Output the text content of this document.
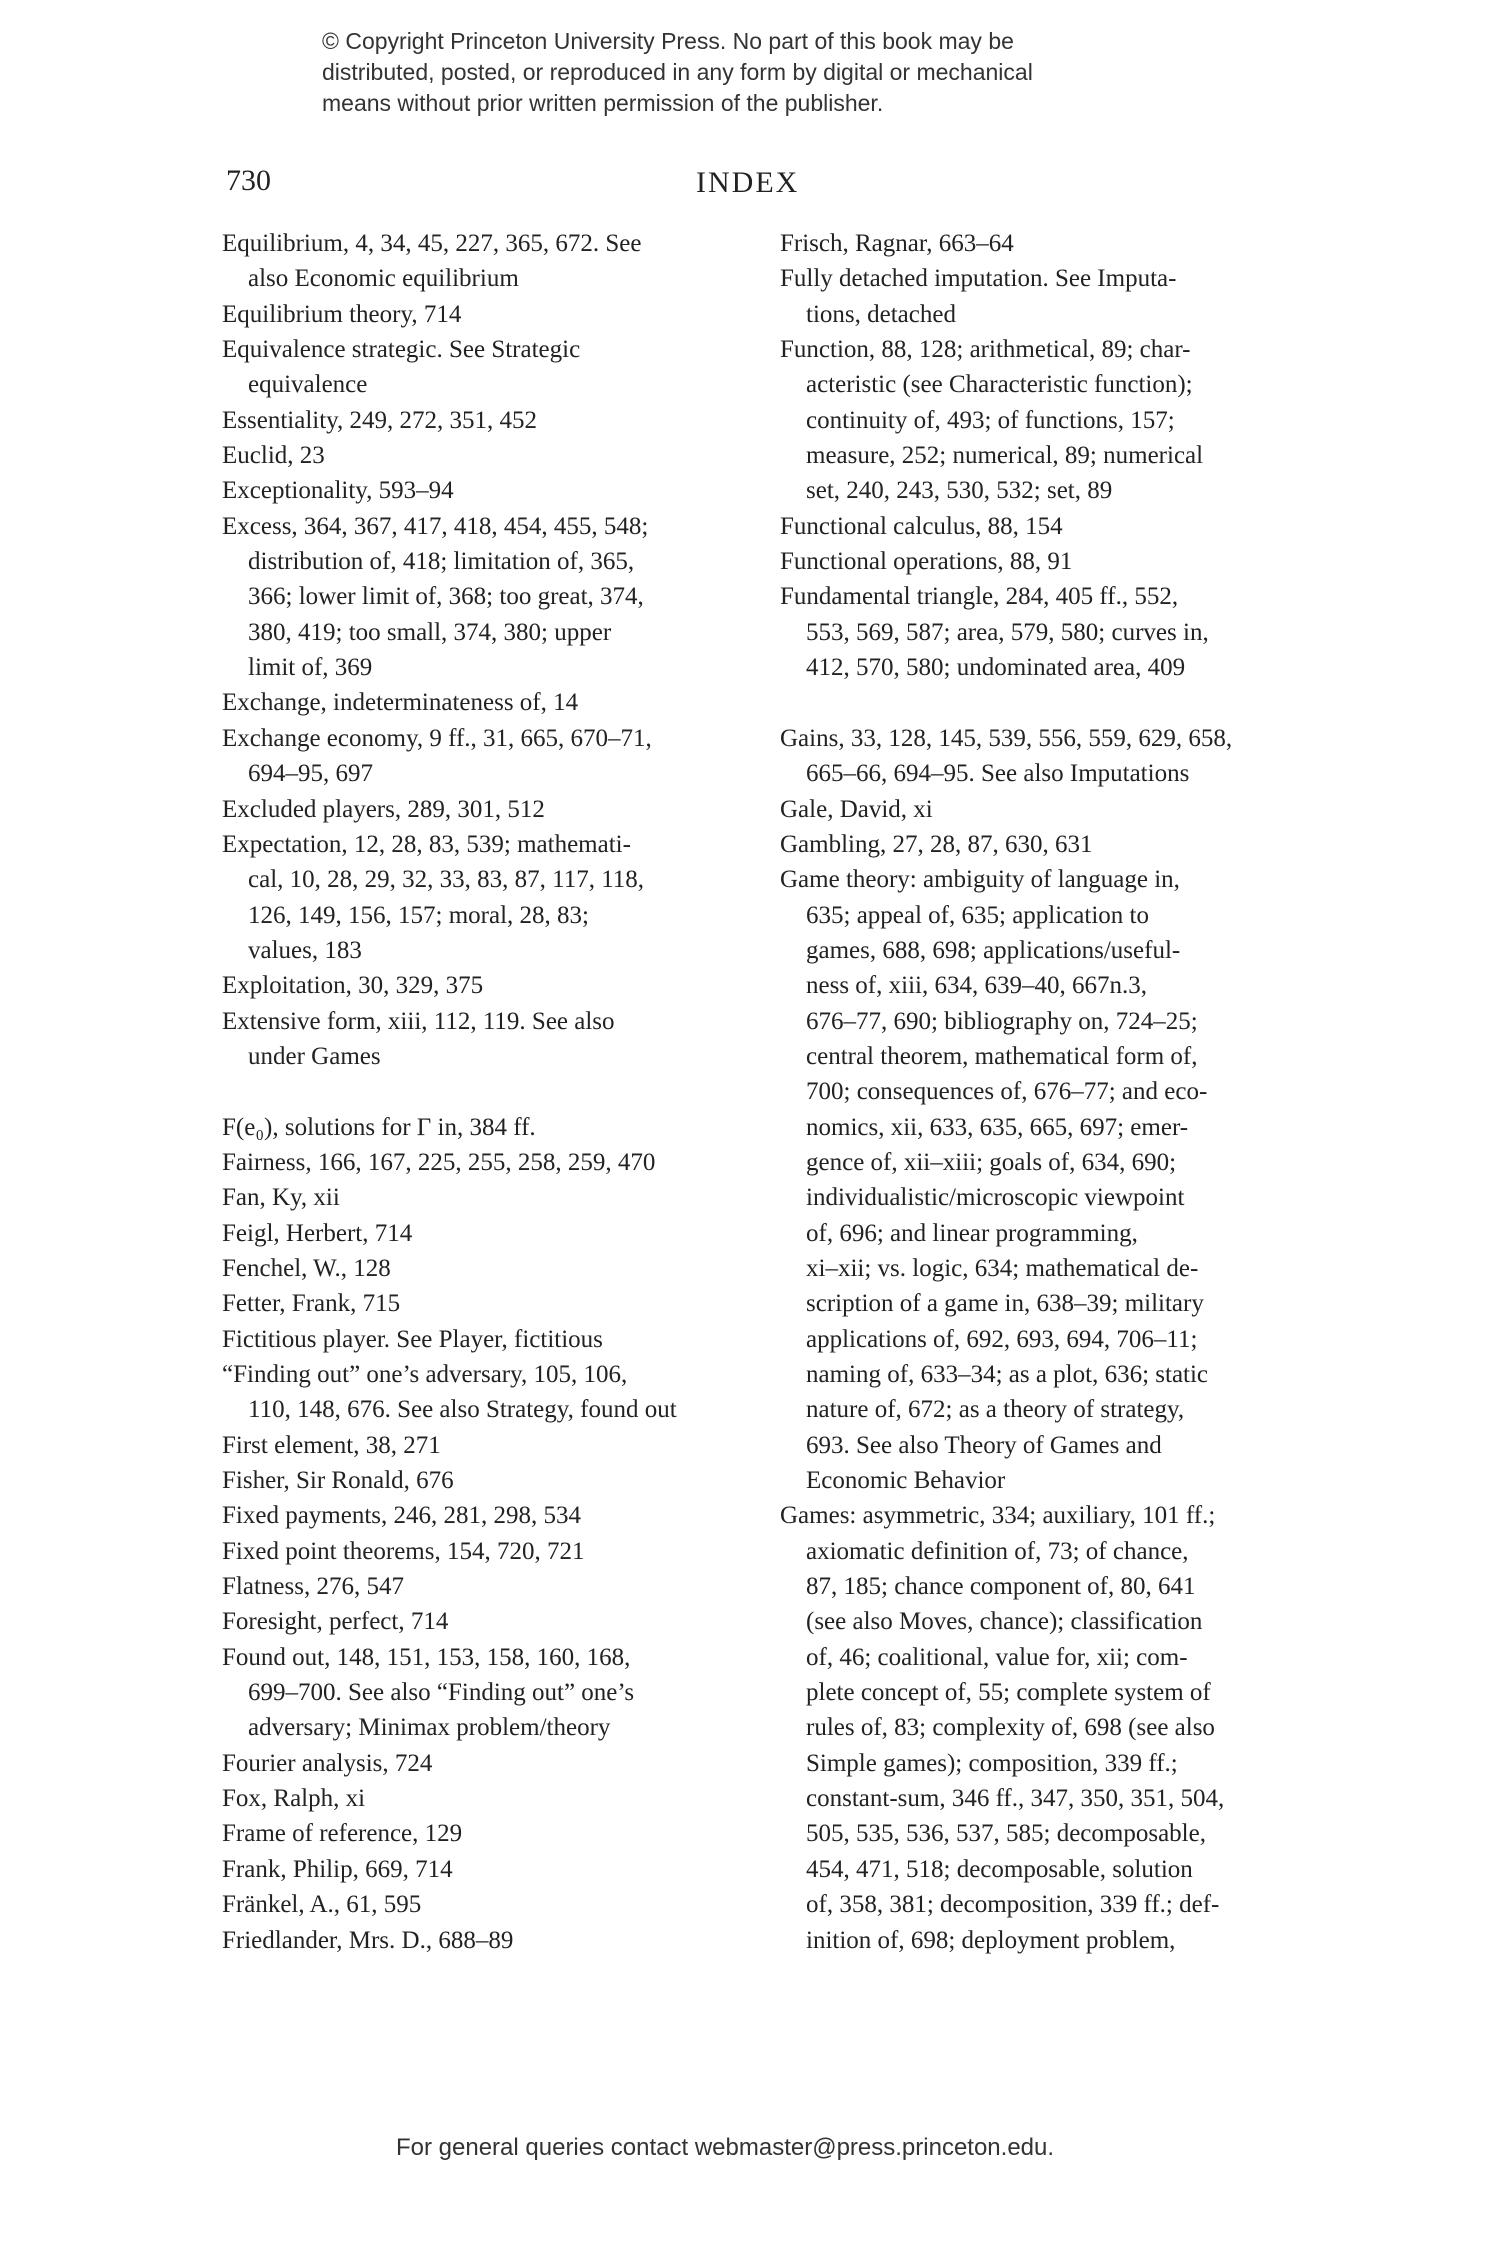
© Copyright Princeton University Press. No part of this book may be
distributed, posted, or reproduced in any form by digital or mechanical
means without prior written permission of the publisher.
730	INDEX
Equilibrium, 4, 34, 45, 227, 365, 672. See
also Economic equilibrium
Equilibrium theory, 714
Equivalence strategic. See Strategic
equivalence
Essentiality, 249, 272, 351, 452
Euclid, 23
Exceptionality, 593–94
Excess, 364, 367, 417, 418, 454, 455, 548;
distribution of, 418; limitation of, 365,
366; lower limit of, 368; too great, 374,
380, 419; too small, 374, 380; upper
limit of, 369
Exchange, indeterminateness of, 14
Exchange economy, 9 ff., 31, 665, 670–71,
694–95, 697
Excluded players, 289, 301, 512
Expectation, 12, 28, 83, 539; mathemati-
cal, 10, 28, 29, 32, 33, 83, 87, 117, 118,
126, 149, 156, 157; moral, 28, 83;
values, 183
Exploitation, 30, 329, 375
Extensive form, xiii, 112, 119. See also
under Games
F(e₀), solutions for Γ in, 384 ff.
Fairness, 166, 167, 225, 255, 258, 259, 470
Fan, Ky, xii
Feigl, Herbert, 714
Fenchel, W., 128
Fetter, Frank, 715
Fictitious player. See Player, fictitious
“Finding out” one’s adversary, 105, 106,
110, 148, 676. See also Strategy, found out
First element, 38, 271
Fisher, Sir Ronald, 676
Fixed payments, 246, 281, 298, 534
Fixed point theorems, 154, 720, 721
Flatness, 276, 547
Foresight, perfect, 714
Found out, 148, 151, 153, 158, 160, 168,
699–700. See also “Finding out” one’s
adversary; Minimax problem/theory
Fourier analysis, 724
Fox, Ralph, xi
Frame of reference, 129
Frank, Philip, 669, 714
Fränkel, A., 61, 595
Friedlander, Mrs. D., 688–89
Frisch, Ragnar, 663–64
Fully detached imputation. See Imputa-
tions, detached
Function, 88, 128; arithmetical, 89; char-
acteristic (see Characteristic function);
continuity of, 493; of functions, 157;
measure, 252; numerical, 89; numerical
set, 240, 243, 530, 532; set, 89
Functional calculus, 88, 154
Functional operations, 88, 91
Fundamental triangle, 284, 405 ff., 552,
553, 569, 587; area, 579, 580; curves in,
412, 570, 580; undominated area, 409
Gains, 33, 128, 145, 539, 556, 559, 629, 658,
665–66, 694–95. See also Imputations
Gale, David, xi
Gambling, 27, 28, 87, 630, 631
Game theory: ambiguity of language in,
635; appeal of, 635; application to
games, 688, 698; applications/useful-
ness of, xiii, 634, 639–40, 667n.3,
676–77, 690; bibliography on, 724–25;
central theorem, mathematical form of,
700; consequences of, 676–77; and eco-
nomics, xii, 633, 635, 665, 697; emer-
gence of, xii–xiii; goals of, 634, 690;
individualistic/microscopic viewpoint
of, 696; and linear programming,
xi–xii; vs. logic, 634; mathematical de-
scription of a game in, 638–39; military
applications of, 692, 693, 694, 706–11;
naming of, 633–34; as a plot, 636; static
nature of, 672; as a theory of strategy,
693. See also Theory of Games and
Economic Behavior
Games: asymmetric, 334; auxiliary, 101 ff.;
axiomatic definition of, 73; of chance,
87, 185; chance component of, 80, 641
(see also Moves, chance); classification
of, 46; coalitional, value for, xii; com-
plete concept of, 55; complete system of
rules of, 83; complexity of, 698 (see also
Simple games); composition, 339 ff.;
constant-sum, 346 ff., 347, 350, 351, 504,
505, 535, 536, 537, 585; decomposable,
454, 471, 518; decomposable, solution
of, 358, 381; decomposition, 339 ff.; def-
inition of, 698; deployment problem,
For general queries contact webmaster@press.princeton.edu.
